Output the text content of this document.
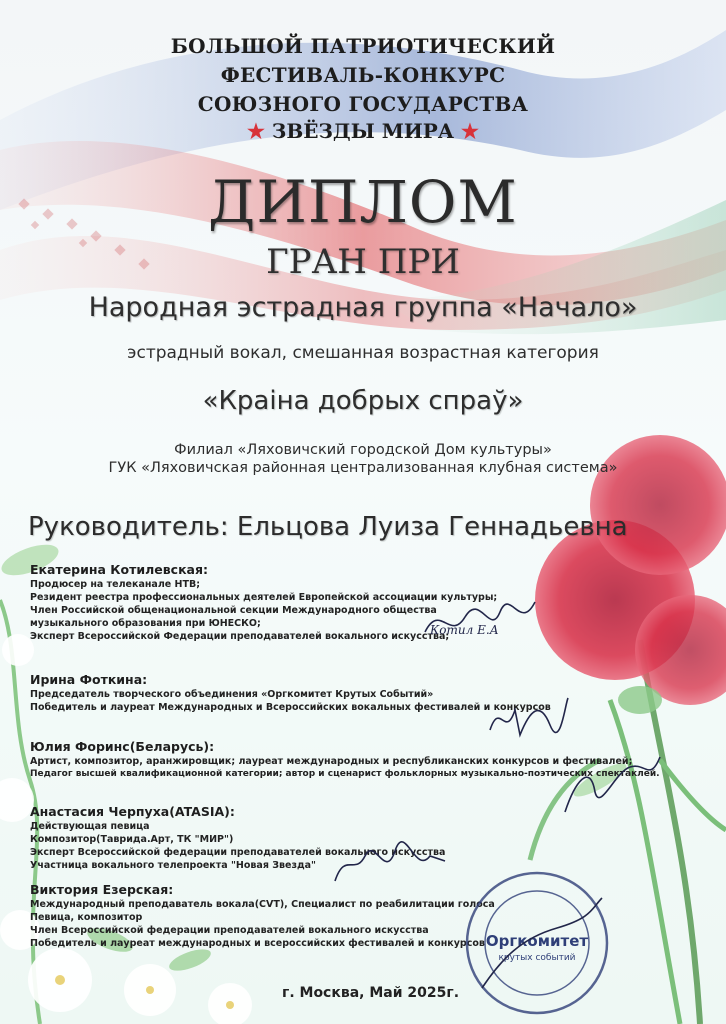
БОЛЬШОЙ ПАТРИОТИЧЕСКИЙ
ФЕСТИВАЛЬ-КОНКУРС
СОЮЗНОГО ГОСУДАРСТВА
★ ЗВЁЗДЫ МИРА ★
ДИПЛОМ
ГРАН ПРИ
Народная эстрадная группа «Начало»
эстрадный вокал, смешанная возрастная категория
«Краіна добрых спраў»
Филиал «Ляховичский городской Дом культуры»
ГУК «Ляховичская районная централизованная клубная система»
Руководитель: Ельцова Луиза Геннадьевна
Екатерина Котилевская:
Продюсер на телеканале НТВ;
Резидент реестра профессиональных деятелей Европейской ассоциации культуры;
Член Российской общенациональной секции Международного общества
музыкального образования при ЮНЕСКО;
Эксперт Всероссийской Федерации преподавателей вокального искусства;
Ирина Фоткина:
Председатель творческого объединения «Оргкомитет Крутых Событий»
Победитель и лауреат Международных и Всероссийских вокальных фестивалей и конкурсов
Юлия Форинс(Беларусь):
Артист, композитор, аранжировщик; лауреат международных и республиканских конкурсов и фестивалей;
Педагог высшей квалификационной категории; автор и сценарист фольклорных музыкально-поэтических спектаклей.
Анастасия Черпуха(ATASIA):
Действующая певица
Композитор(Таврида.Арт, ТК "МИР")
Эксперт Всероссийской федерации преподавателей вокального искусства
Участница вокального телепроекта "Новая Звезда"
Виктория Езерская:
Международный преподаватель вокала(CVT), Специалист по реабилитации голоса
Певица, композитор
Член Всероссийской федерации преподавателей вокального искусства
Победитель и лауреат международных и всероссийских фестивалей и конкурсов
Котил Е.А
Оргкомитет
крутых событий
г. Москва, Май 2025г.
